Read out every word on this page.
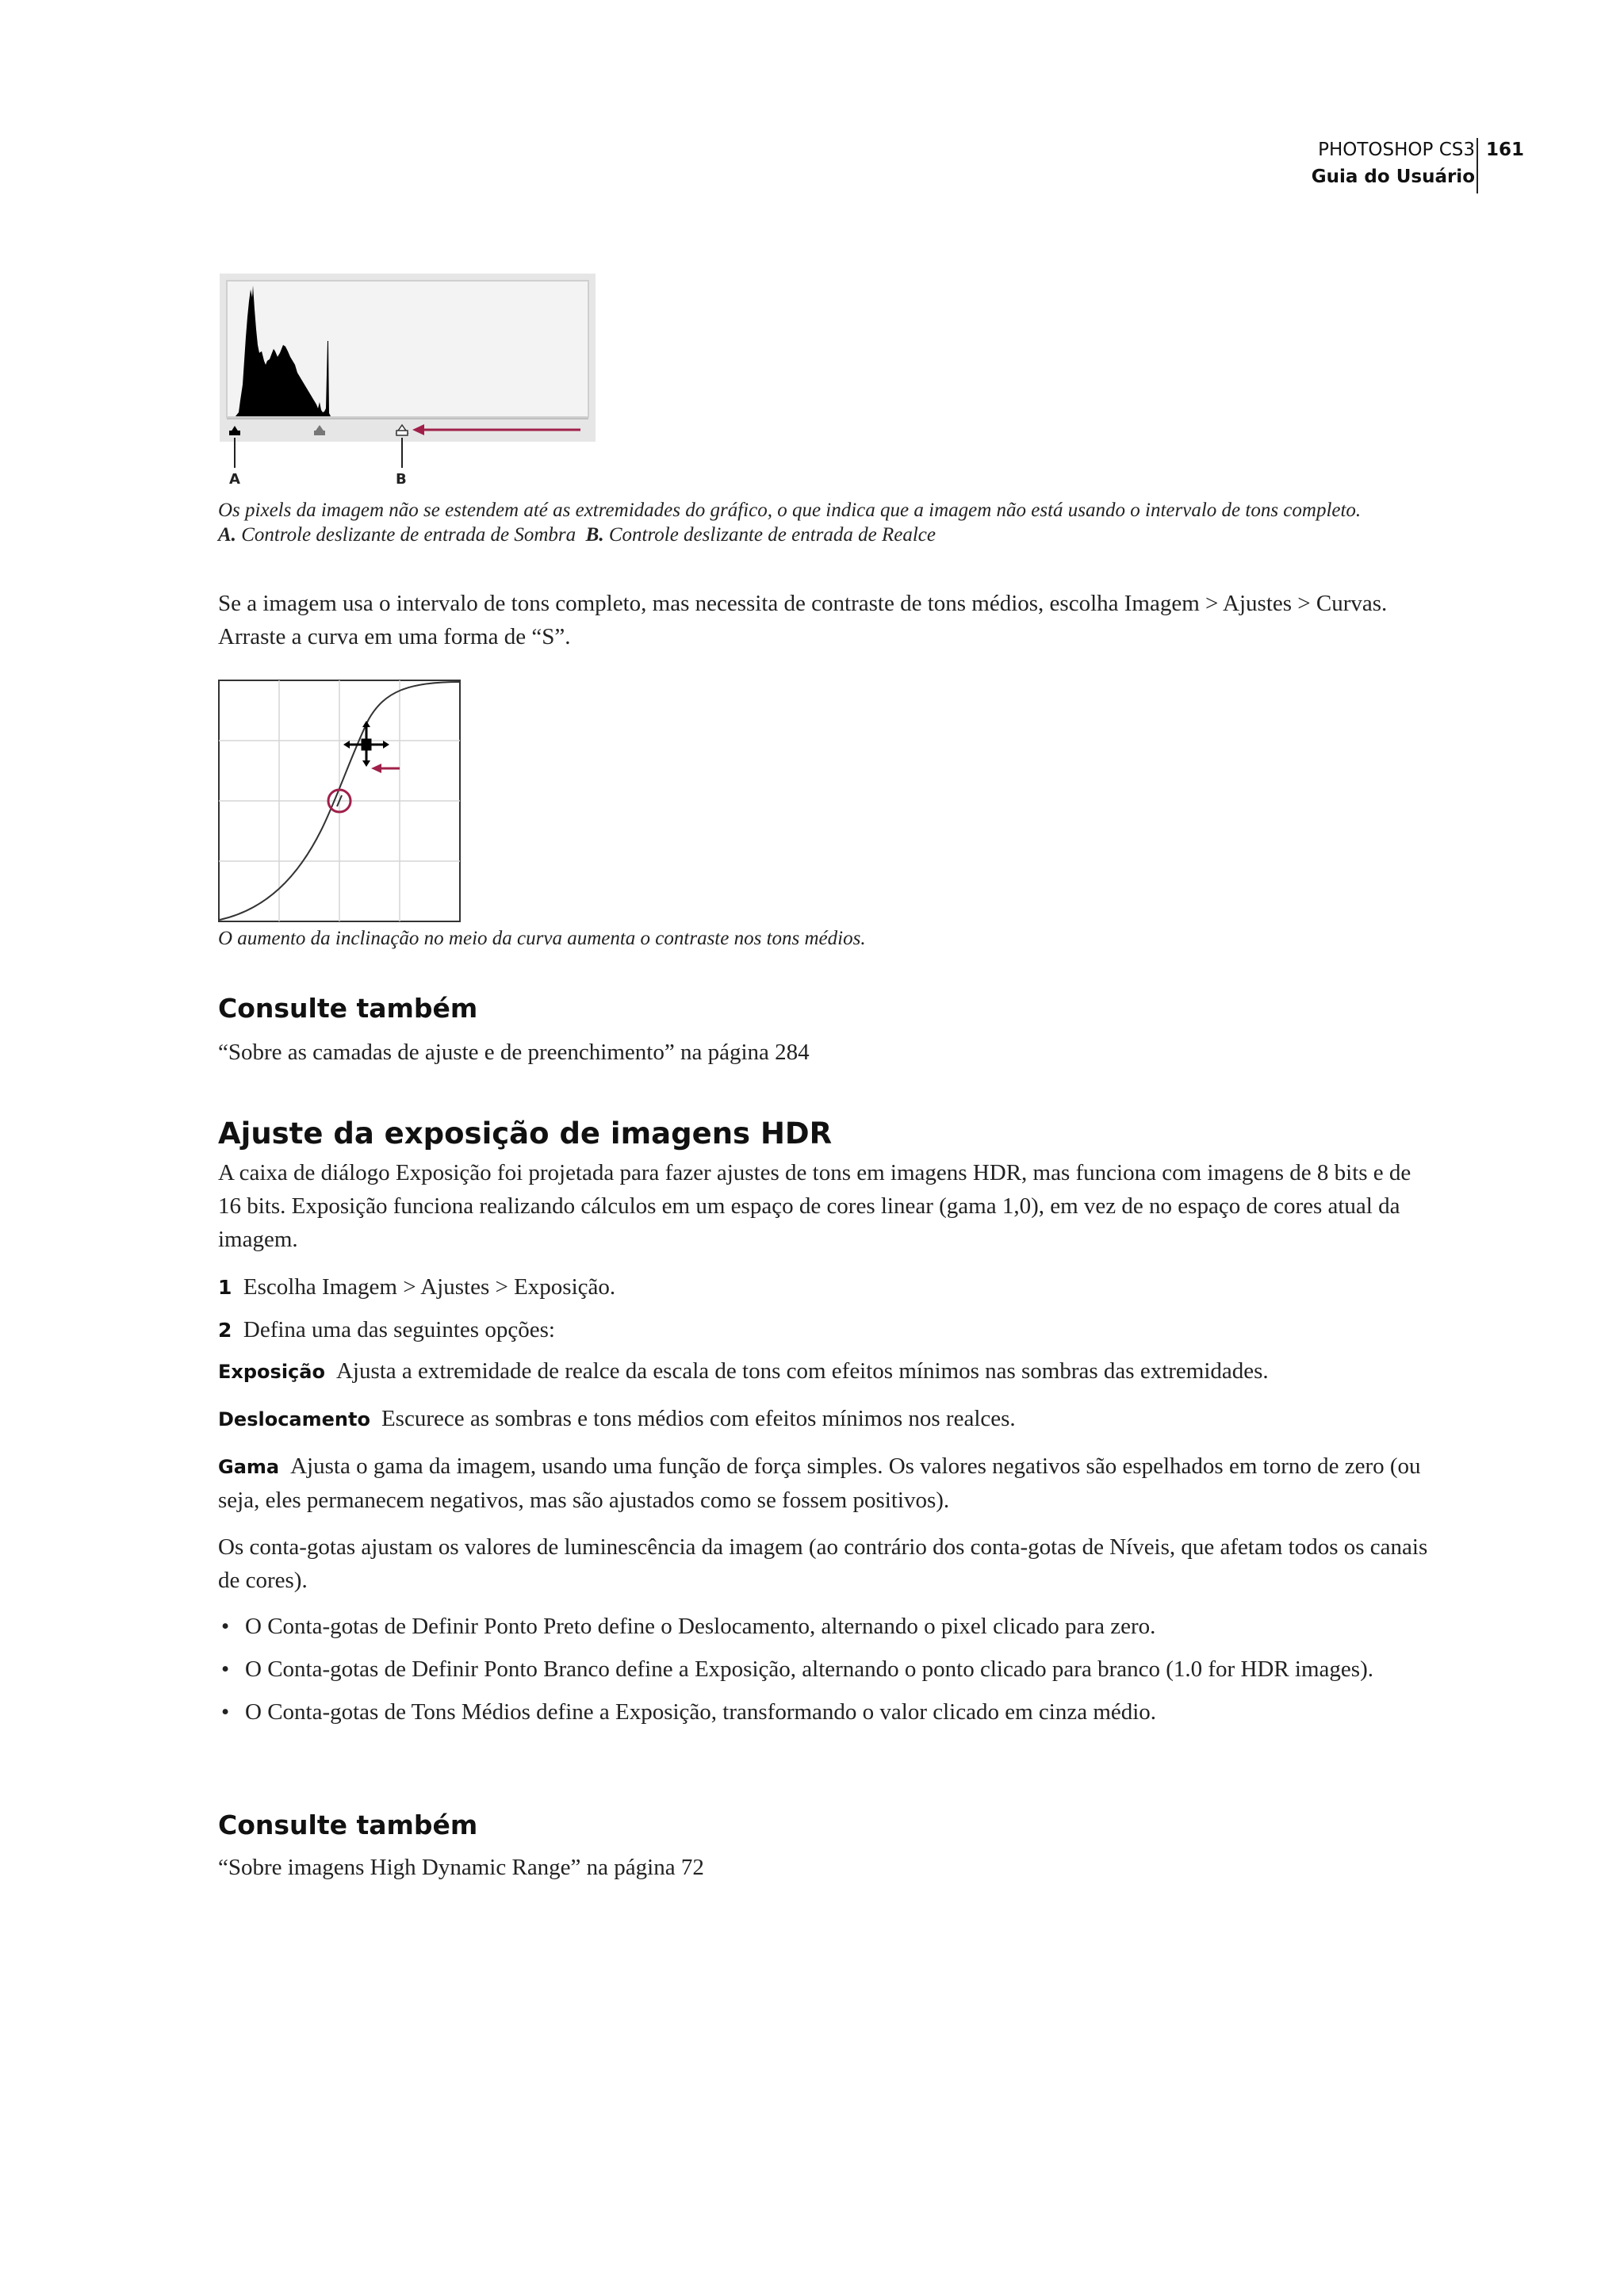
PHOTOSHOP CS3
Guia do Usuário
161
A	B
Os pixels da imagem não se estendem até as extremidades do gráfico, o que indica que a imagem não está usando o intervalo de tons completo.
A. Controle deslizante de entrada de Sombra B. Controle deslizante de entrada de Realce
Se a imagem usa o intervalo de tons completo, mas necessita de contraste de tons médios, escolha Imagem > Ajustes > Curvas. Arraste a curva em uma forma de “S”.
O aumento da inclinação no meio da curva aumenta o contraste nos tons médios.
Consulte também
“Sobre as camadas de ajuste e de preenchimento” na página 284
Ajuste da exposição de imagens HDR
A caixa de diálogo Exposição foi projetada para fazer ajustes de tons em imagens HDR, mas funciona com imagens de 8 bits e de 16 bits. Exposição funciona realizando cálculos em um espaço de cores linear (gama 1,0), em vez de no espaço de cores atual da imagem.
1 Escolha Imagem > Ajustes > Exposição.
2 Defina uma das seguintes opções:
Exposição Ajusta a extremidade de realce da escala de tons com efeitos mínimos nas sombras das extremidades.
Deslocamento Escurece as sombras e tons médios com efeitos mínimos nos realces.
Gama Ajusta o gama da imagem, usando uma função de força simples. Os valores negativos são espelhados em torno de zero (ou seja, eles permanecem negativos, mas são ajustados como se fossem positivos).
Os conta-gotas ajustam os valores de luminescência da imagem (ao contrário dos conta-gotas de Níveis, que afetam todos os canais de cores).
• O Conta-gotas de Definir Ponto Preto define o Deslocamento, alternando o pixel clicado para zero.
• O Conta-gotas de Definir Ponto Branco define a Exposição, alternando o ponto clicado para branco (1.0 for HDR images).
• O Conta-gotas de Tons Médios define a Exposição, transformando o valor clicado em cinza médio.
Consulte também
“Sobre imagens High Dynamic Range” na página 72
